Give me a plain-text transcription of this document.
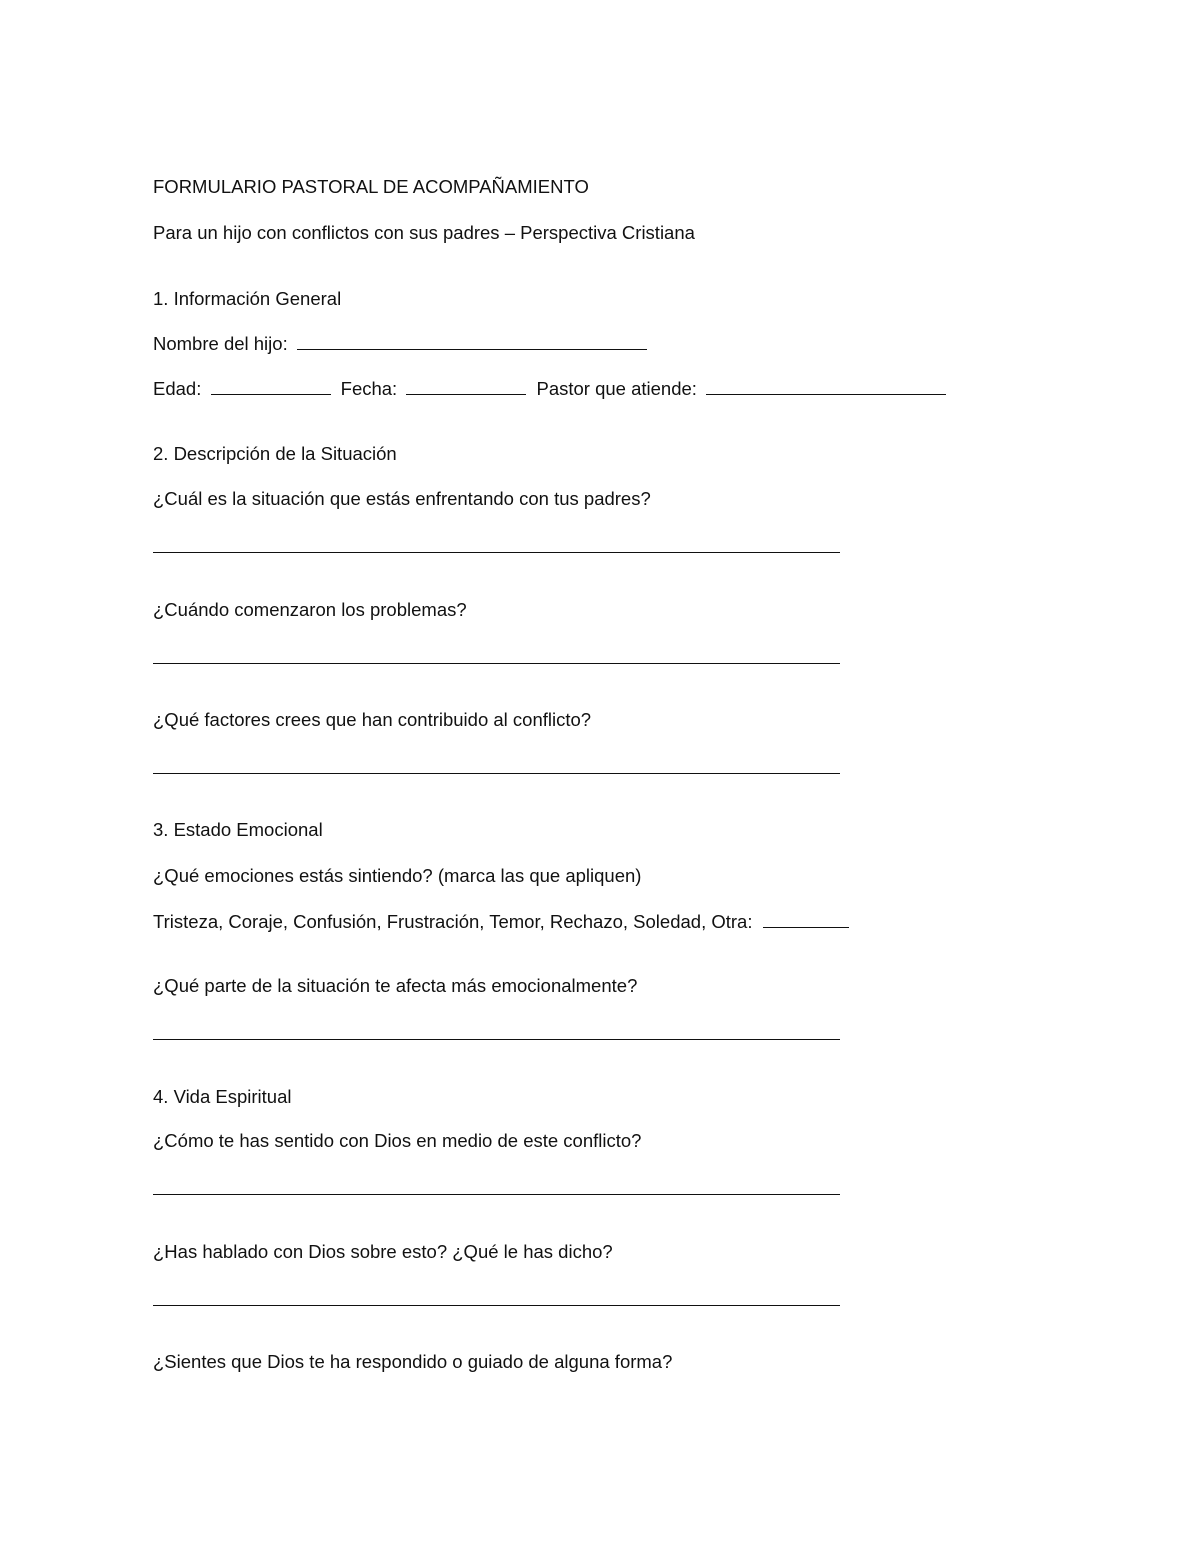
FORMULARIO PASTORAL DE ACOMPAÑAMIENTO
Para un hijo con conflictos con sus padres – Perspectiva Cristiana
1. Información General
Nombre del hijo:
Edad:	Fecha:	Pastor que atiende:
2. Descripción de la Situación
¿Cuál es la situación que estás enfrentando con tus padres?
¿Cuándo comenzaron los problemas?
¿Qué factores crees que han contribuido al conflicto?
3. Estado Emocional
¿Qué emociones estás sintiendo? (marca las que apliquen)
Tristeza, Coraje, Confusión, Frustración, Temor, Rechazo, Soledad, Otra:
¿Qué parte de la situación te afecta más emocionalmente?
4. Vida Espiritual
¿Cómo te has sentido con Dios en medio de este conflicto?
¿Has hablado con Dios sobre esto? ¿Qué le has dicho?
¿Sientes que Dios te ha respondido o guiado de alguna forma?
